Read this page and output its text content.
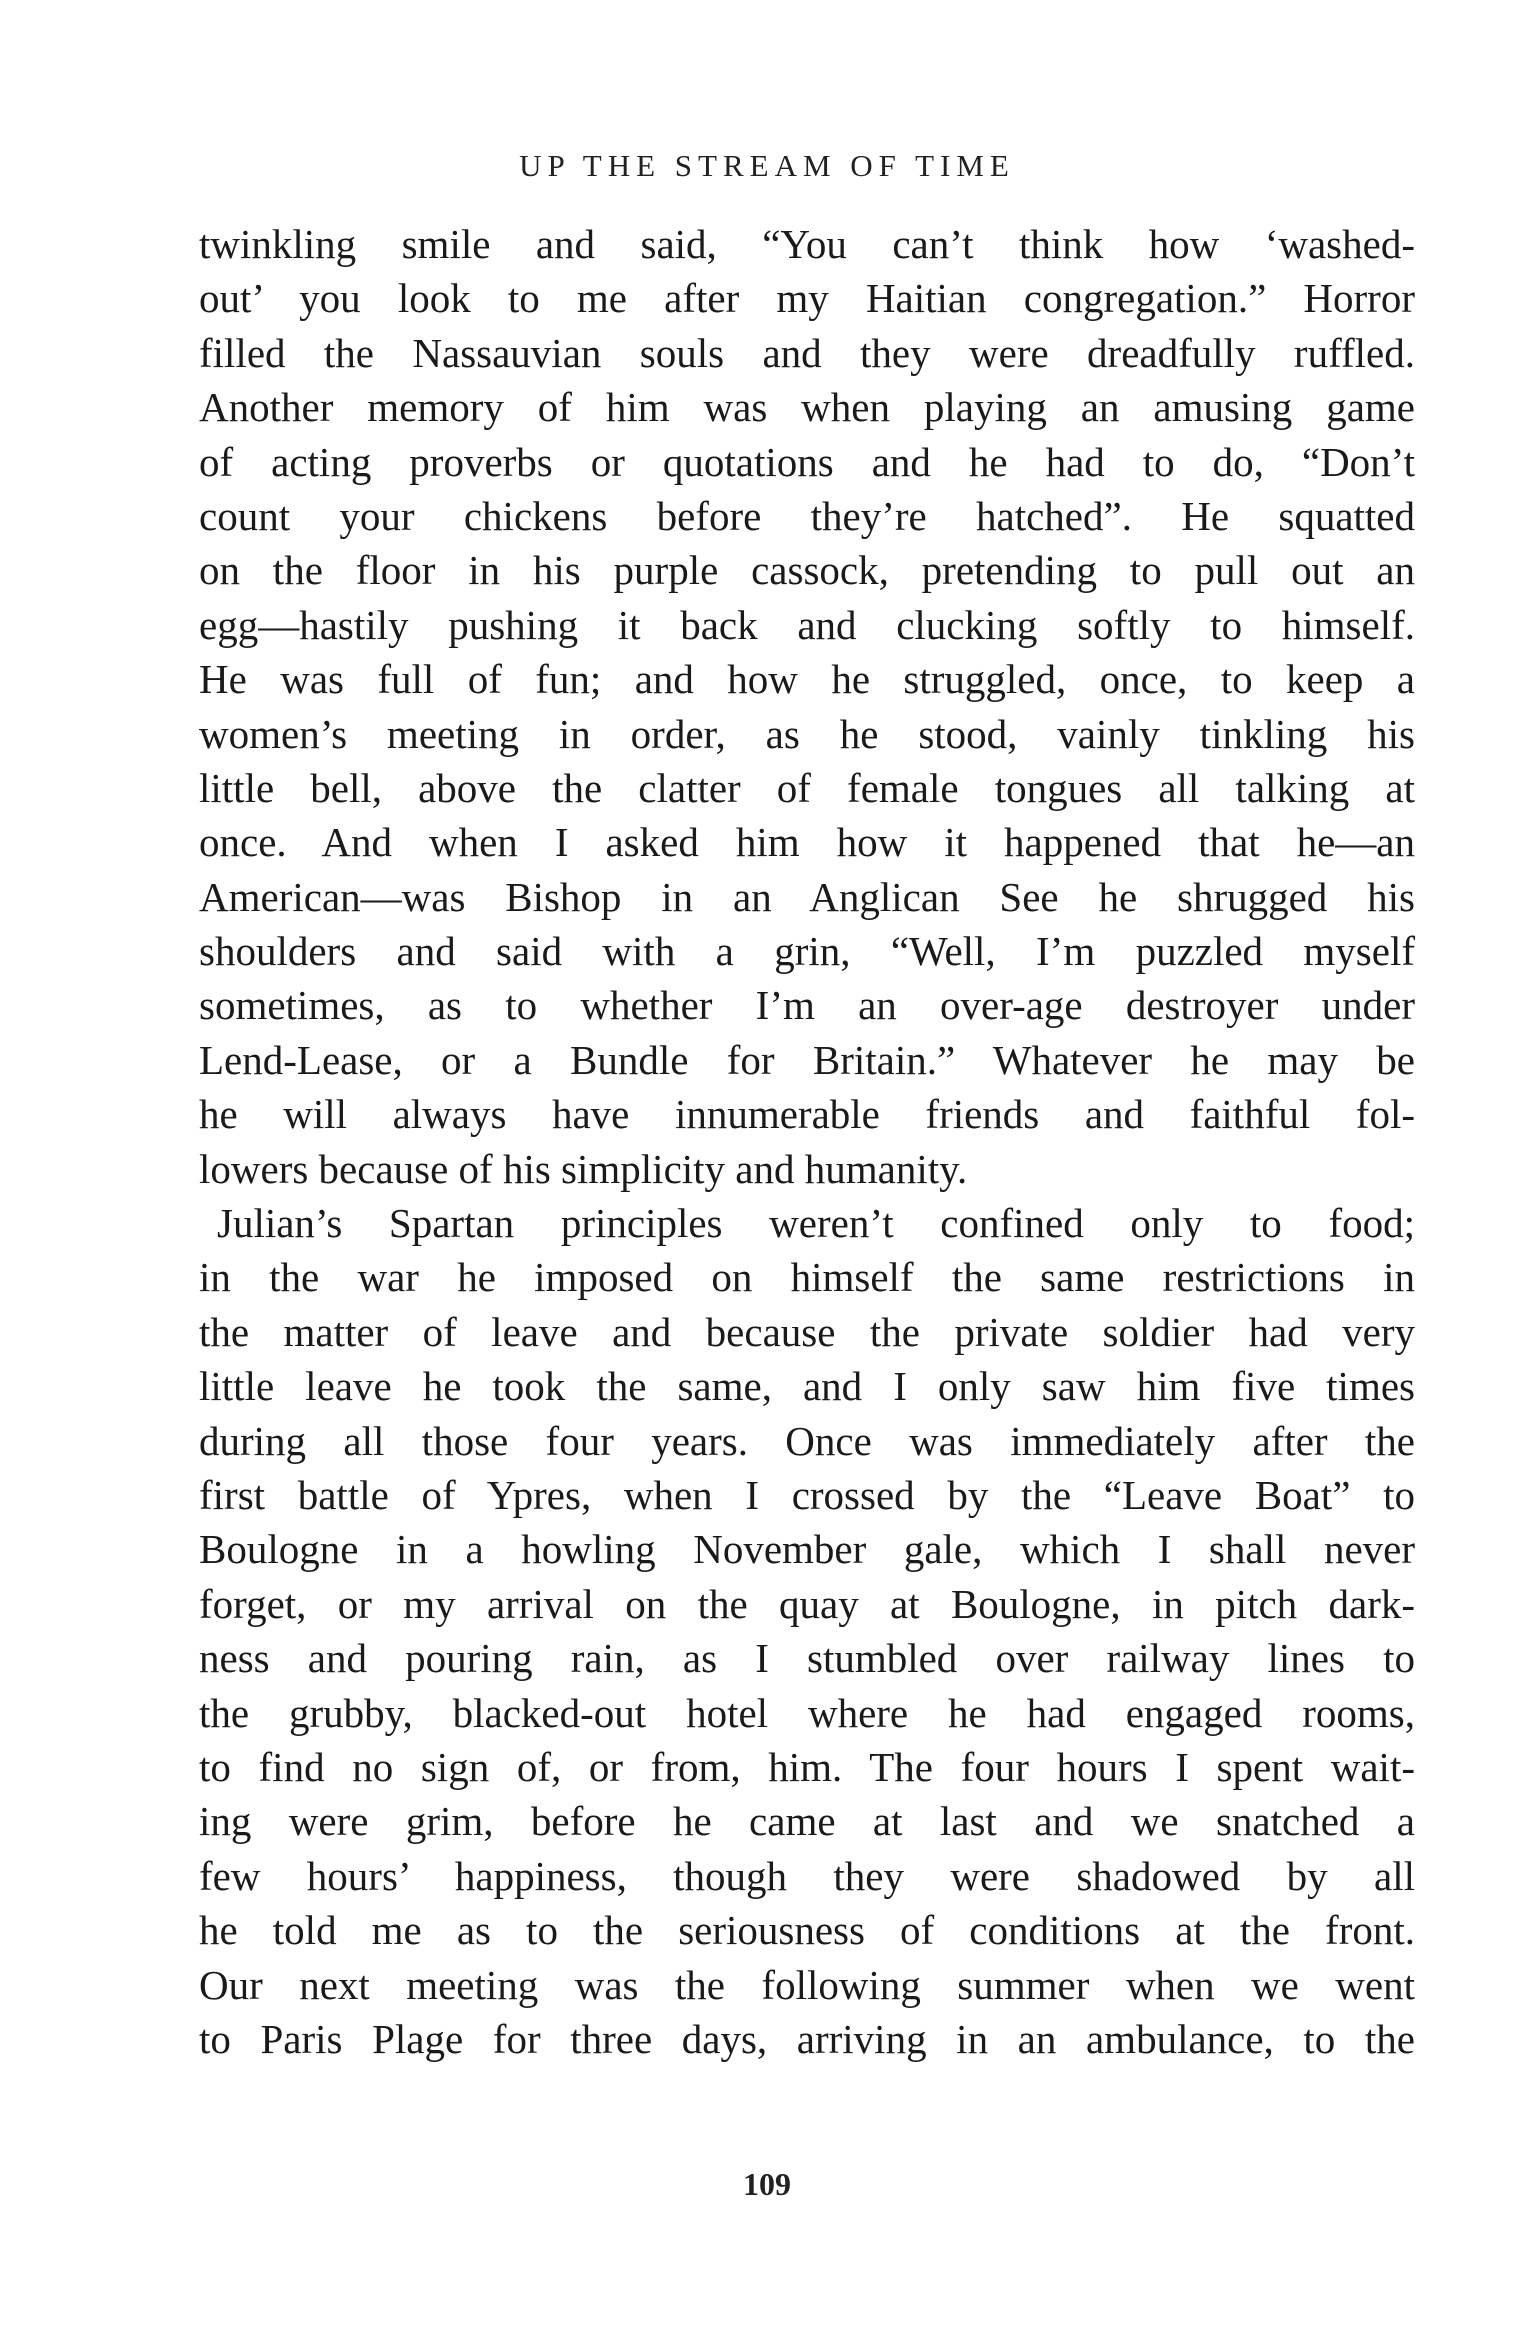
UP THE STREAM OF TIME
twinkling smile and said, “You can’t think how ‘washed-
out’ you look to me after my Haitian congregation.” Horror
filled the Nassauvian souls and they were dreadfully ruffled.
Another memory of him was when playing an amusing game
of acting proverbs or quotations and he had to do, “Don’t
count your chickens before they’re hatched”. He squatted
on the floor in his purple cassock, pretending to pull out an
egg—hastily pushing it back and clucking softly to himself.
He was full of fun; and how he struggled, once, to keep a
women’s meeting in order, as he stood, vainly tinkling his
little bell, above the clatter of female tongues all talking at
once. And when I asked him how it happened that he—an
American—was Bishop in an Anglican See he shrugged his
shoulders and said with a grin, “Well, I’m puzzled myself
sometimes, as to whether I’m an over-age destroyer under
Lend-Lease, or a Bundle for Britain.” Whatever he may be
he will always have innumerable friends and faithful fol-
lowers because of his simplicity and humanity.
Julian’s Spartan principles weren’t confined only to food;
in the war he imposed on himself the same restrictions in
the matter of leave and because the private soldier had very
little leave he took the same, and I only saw him five times
during all those four years. Once was immediately after the
first battle of Ypres, when I crossed by the “Leave Boat” to
Boulogne in a howling November gale, which I shall never
forget, or my arrival on the quay at Boulogne, in pitch dark-
ness and pouring rain, as I stumbled over railway lines to
the grubby, blacked-out hotel where he had engaged rooms,
to find no sign of, or from, him. The four hours I spent wait-
ing were grim, before he came at last and we snatched a
few hours’ happiness, though they were shadowed by all
he told me as to the seriousness of conditions at the front.
Our next meeting was the following summer when we went
to Paris Plage for three days, arriving in an ambulance, to the
109
